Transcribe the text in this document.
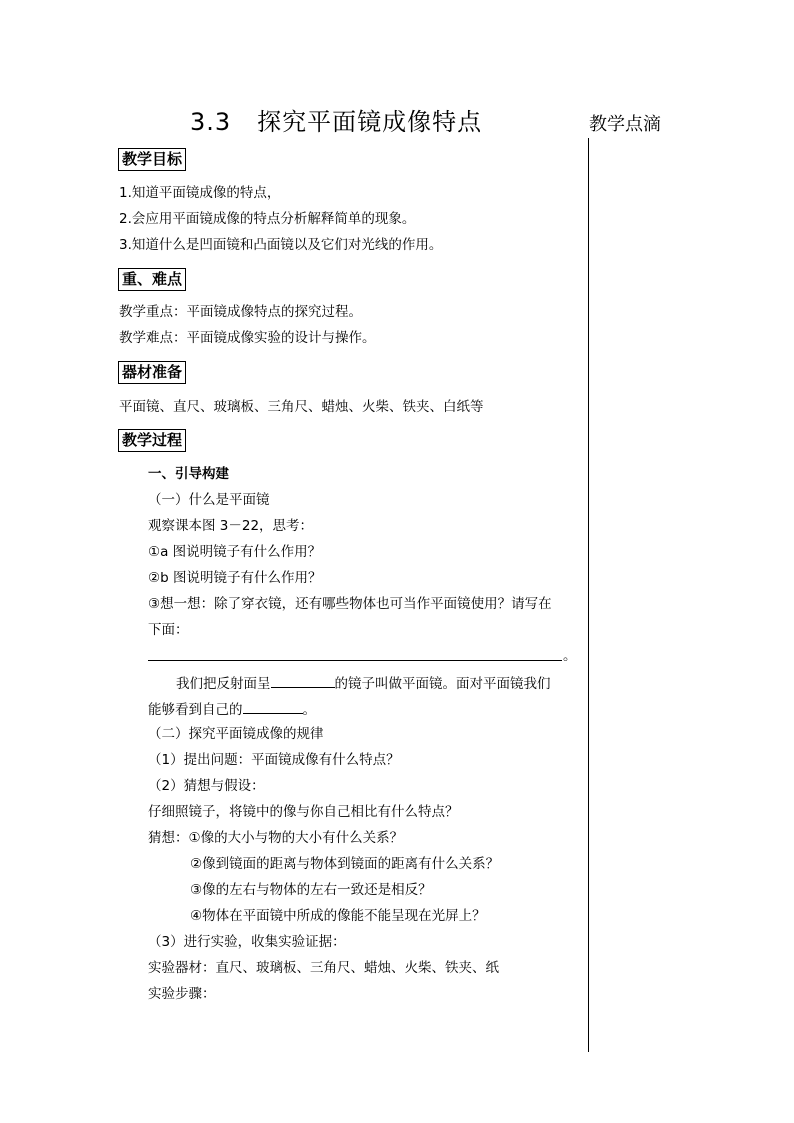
3.3 探究平面镜成像特点	教学点滴
教学目标
1.知道平面镜成像的特点，
2.会应用平面镜成像的特点分析解释简单的现象。
3.知道什么是凹面镜和凸面镜以及它们对光线的作用。
重、难点
教学重点：平面镜成像特点的探究过程。
教学难点：平面镜成像实验的设计与操作。
器材准备
平面镜、直尺、玻璃板、三角尺、蜡烛、火柴、铁夹、白纸等
教学过程
一、引导构建
（一）什么是平面镜
观察课本图 3－22，思考：
①a 图说明镜子有什么作用？
②b 图说明镜子有什么作用？
③想一想：除了穿衣镜，还有哪些物体也可当作平面镜使用？请写在
下面：
。
我们把反射面呈	的镜子叫做平面镜。面对平面镜我们
能够看到自己的	。
（二）探究平面镜成像的规律
（1）提出问题：平面镜成像有什么特点？
（2）猜想与假设：
仔细照镜子，将镜中的像与你自己相比有什么特点？
猜想：①像的大小与物的大小有什么关系？
②像到镜面的距离与物体到镜面的距离有什么关系？
③像的左右与物体的左右一致还是相反？
④物体在平面镜中所成的像能不能呈现在光屏上？
（3）进行实验，收集实验证据：
实验器材：直尺、玻璃板、三角尺、蜡烛、火柴、铁夹、纸
实验步骤：
